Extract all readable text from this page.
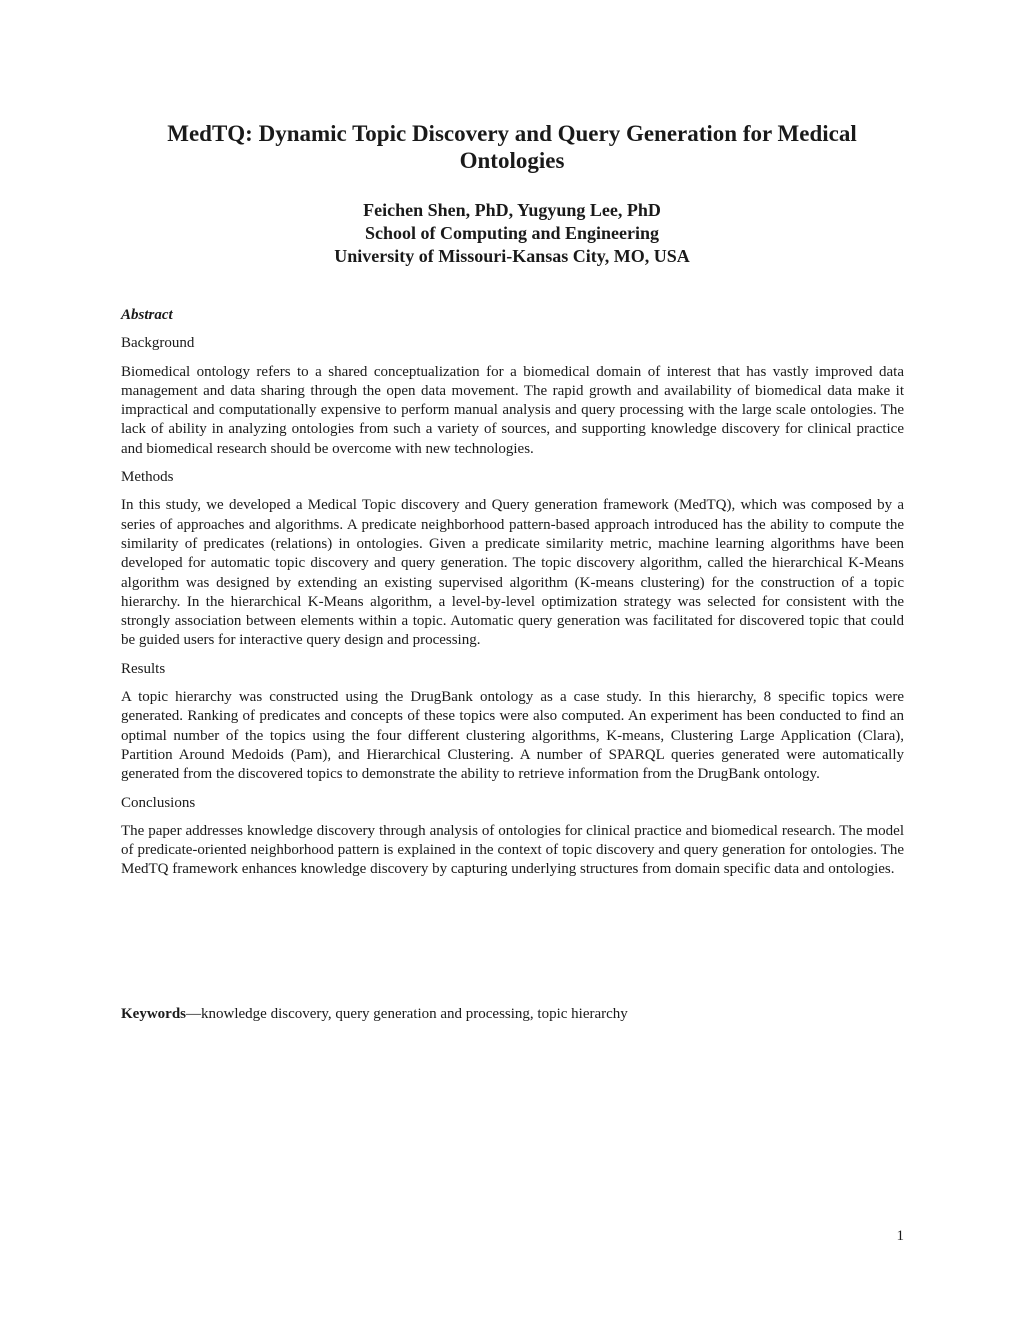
MedTQ: Dynamic Topic Discovery and Query Generation for Medical
Ontologies
Feichen Shen, PhD, Yugyung Lee, PhD
School of Computing and Engineering
University of Missouri-Kansas City, MO, USA
Abstract
Background
Biomedical ontology refers to a shared conceptualization for a biomedical domain of interest that has vastly improved data management and data sharing through the open data movement. The rapid growth and availability of biomedical data make it impractical and computationally expensive to perform manual analysis and query processing with the large scale ontologies. The lack of ability in analyzing ontologies from such a variety of sources, and supporting knowledge discovery for clinical practice and biomedical research should be overcome with new technologies.
Methods
In this study, we developed a Medical Topic discovery and Query generation framework (MedTQ), which was composed by a series of approaches and algorithms. A predicate neighborhood pattern-based approach introduced has the ability to compute the similarity of predicates (relations) in ontologies. Given a predicate similarity metric, machine learning algorithms have been developed for automatic topic discovery and query generation. The topic discovery algorithm, called the hierarchical K-Means algorithm was designed by extending an existing supervised algorithm (K-means clustering) for the construction of a topic hierarchy. In the hierarchical K-Means algorithm, a level-by-level optimization strategy was selected for consistent with the strongly association between elements within a topic. Automatic query generation was facilitated for discovered topic that could be guided users for interactive query design and processing.
Results
A topic hierarchy was constructed using the DrugBank ontology as a case study. In this hierarchy, 8 specific topics were generated. Ranking of predicates and concepts of these topics were also computed. An experiment has been conducted to find an optimal number of the topics using the four different clustering algorithms, K-means, Clustering Large Application (Clara), Partition Around Medoids (Pam), and Hierarchical Clustering. A number of SPARQL queries generated were automatically generated from the discovered topics to demonstrate the ability to retrieve information from the DrugBank ontology.
Conclusions
The paper addresses knowledge discovery through analysis of ontologies for clinical practice and biomedical research. The model of predicate-oriented neighborhood pattern is explained in the context of topic discovery and query generation for ontologies. The MedTQ framework enhances knowledge discovery by capturing underlying structures from domain specific data and ontologies.
Keywords—knowledge discovery, query generation and processing, topic hierarchy
1
